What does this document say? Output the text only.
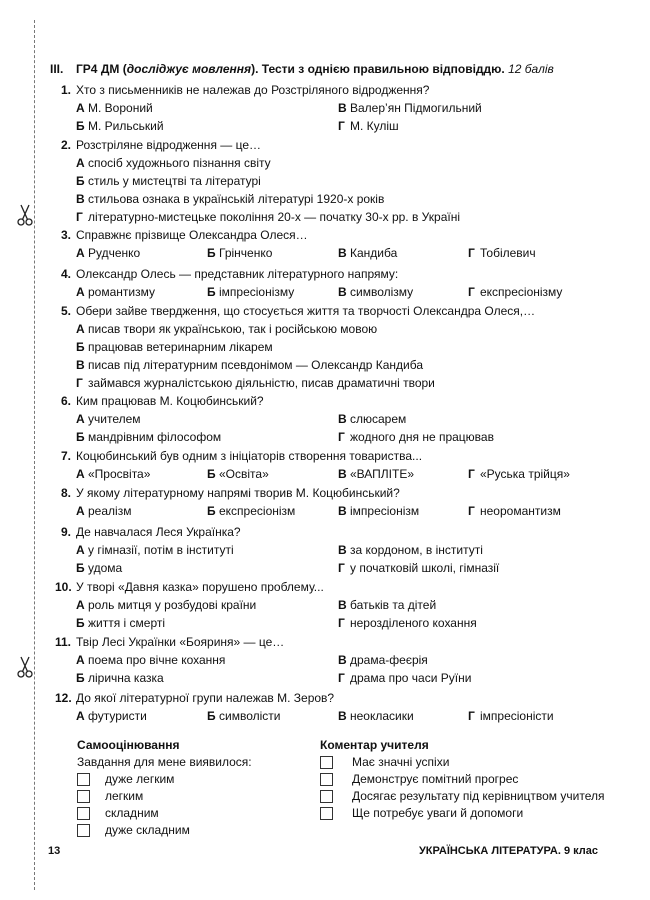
III. ГР4 ДМ (досліджує мовлення). Тести з однією правильною відповіддю. 12 балів
1. Хто з письменників не належав до Розстріляного відродження?
А М. Вороний	В Валер’ян Підмогильний
Б М. Рильський	Г М. Куліш
2. Розстріляне відродження — це…
А спосіб художнього пізнання світу
Б стиль у мистецтві та літературі
В стильова ознака в українській літературі 1920-х років
Г літературно-мистецьке покоління 20-х — початку 30-х рр. в Україні
3. Справжнє прізвище Олександра Олеся…
А Рудченко	Б Грінченко	В Кандиба	Г Тобілевич
4. Олександр Олесь — представник літературного напряму:
А романтизму	Б імпресіонізму	В символізму	Г експресіонізму
5. Обери зайве твердження, що стосується життя та творчості Олександра Олеся,…
А писав твори як українською, так і російською мовою
Б працював ветеринарним лікарем
В писав під літературним псевдонімом — Олександр Кандиба
Г займався журналістською діяльністю, писав драматичні твори
6. Ким працював М. Коцюбинський?
А учителем	В слюсарем
Б мандрівним філософом	Г жодного дня не працював
7. Коцюбинський був одним з ініціаторів створення товариства...
А «Просвіта»	Б «Освіта»	В «ВАПЛІТЕ»	Г «Руська трійця»
8. У якому літературному напрямі творив М. Коцюбинський?
А реалізм	Б експресіонізм	В імпресіонізм	Г неоромантизм
9. Де навчалася Леся Українка?
А у гімназії, потім в інституті	В за кордоном, в інституті
Б удома	Г у початковій школі, гімназії
10. У творі «Давня казка» порушено проблему...
А роль митця у розбудові країни	В батьків та дітей
Б життя і смерті	Г нерозділеного кохання
11. Твір Лесі Українки «Бояриня» — це…
А поема про вічне кохання	В драма-феєрія
Б лірична казка	Г драма про часи Руїни
12. До якої літературної групи належав М. Зеров?
А футуристи	Б символісти	В неокласики	Г імпресіоністи
Самооцінювання
Завдання для мене виявилося:
дуже легким
легким
складним
дуже складним
Коментар учителя
Має значні успіхи
Демонструє помітний прогрес
Досягає результату під керівництвом учителя
Ще потребує уваги й допомоги
13	УКРАЇНСЬКА ЛІТЕРАТУРА. 9 клас
